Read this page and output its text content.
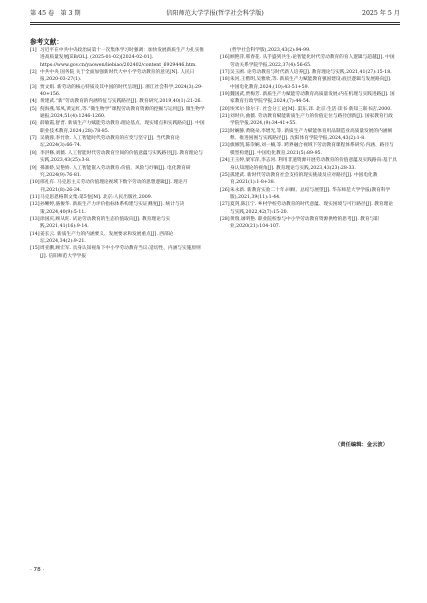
第 45 卷　第 3 期	信阳师范大学学报(哲学社会科学版)	2025 年 5 月
参考文献：

[1] 习近平在中共中央政治局第十一次集体学习时强调：加快发展新质生产力扎实推进高质量发展[EB/OL]. (2025-01-02)[2024-02-01]. https://www.gov.cn/yaowen/liebiao/202402/content_6929446.htm.

[2] 中共中央 国务院 关于全面加强新时代大中小学劳动教育的意见[N]. 人民日报,2020-03-27(1).

[3] 贾文娟. 新劳动的核心特质及其中国的时代呈现[J]. 浙江社会科学,2024(3):29-40+156.

[4] 黄建武.“新”劳动教育的内涵特征与实践路径[J]. 教育研究,2019,40(1):21-26.

[5] 倪海燕,邹凤,黄运红,等.“微生物学”课程劳动教育资源的挖掘与运用[J]. 微生物学通报,2024,51(4):1246-1260.

[6] 薛敏霞,舒晋. 新质生产力赋能劳动教育:理论基点、现实堵点和实践路向[J]. 中国职业技术教育,2024,(28):78-85.

[7] 吴晓蓉,李竹欣. 人工智能时代劳动教育的应变与坚守[J]. 当代教育论坛,2024(3):66-74.

[8] 李洪修,刘薇. 人工智能时代劳动教育空间的价值意蕴与实践路径[J]. 教育理论与实践,2023,43(25):3-8.

[9] 孫寨娇,吴艳娇. 人工智能嵌入劳动教育:价值、风险与纾解[J]. 电化教育研究,2024(9):76-81.

[10]邢礼有. 马克思主义劳动价值理论视域下数字劳动的思想逻辑[J]. 理论月刊,2021(8):26-34.

[11]马克思恩格斯文集:第5卷[M]. 北京:人民出版社,2009.

[12]孙晰婷,骆俊华. 新质生产力评价指标体系构建与实证测度[J]. 统计与决策,2024,40(9):5-11.

[13]徐国庆,顾从旺. 试论劳动教育的生态价值取向[J]. 教育理论与实践,2021,41(16):9-14.

[14]姜长云. 新质生产力的内涵要义、发展要求和发展重点[J]. 西部论坛,2024,34(2):9-21.

[15]周亚鹏,顾宏军. 具身认知视角下中小学劳动教育当议:适切性、内涵与实施原则[J]. 信阳师范大学学报

(哲学社会科学版),2023,43(2):94-99.

[16]顾艳萍,邢春花. 从手盛到共生:论智能化时代劳动教育的育人逻辑与超越[J]. 中国劳动关系学院学报,2022,37(4):56-65.

[17]吴玉鸥. 论劳动教育与时代新人培养[J]. 教育理论与实践,2021,41(27):15-18.

[18]朱河,王楷明,吴雅欣,等. 新质生产力赋能教育强国建设:底层逻辑与发展路向[J]. 中国电化教育,2024,(10):43-51+59.

[19]魏国武,贾梅芳. 新质生产力赋能劳动教育高质量发展:内在机理与实践进路[J]. 国家教育行政学院学报,2024,(7):44-54.

[20]埃米尔·涂尔干. 社会分工论[M]. 渠东,译. 北京:生活·读书·新知三联书店,2000.

[21]刘时兵,曲薇. 劳动教育赋能新质生产力的价值定位与路径创新[J]. 国家教育行政学院学报,2024,(9):34-41+55.

[22]时娴静,黄晓朵,李增光,等. 新质生产力赋能体育用品制造业高质量发展的内涵阐释、推进困囿与实践路径[J]. 沈阳体育学院学报,2024,43(2):1-8.

[23]旗修凯,陈崇娴,刘一楠,等. 跨界融合视域下劳动教育课程体系研究:内涵、路径与模型构建[J]. 中国电化教育,2021(5):89-95.

[24]王玉婷,梁军萍,李志河. 利用非遗资源开展劳动教育的价值意蕴及实践路向:基于具身认知理论的视角[J]. 教育理论与实践,2023,43(23):28-33.

[25]孤建武. 新时代劳动教育社会支持的现实挑战及应对路径[J]. 中国电化教育,2021(1):1-8+38.

[26]朱永新. 新教育实验二十年:回顾、总结与展望[J]. 华东师范大学学报(教育科学版),2021,39(11):1-44.

[27]夏剑,陈江宁. 乡村学校劳动教育的时代意蕴、现实困境与可行路径[J]. 教育理论与实践,2022,42(7):15-20.

[28]黄瑞,屠明艳. 职业院校参与中小学劳动教育资源供给的思考[J]. 教育与职业,2020(21):104-107.

（责任编辑：金云波）
· 78 ·
